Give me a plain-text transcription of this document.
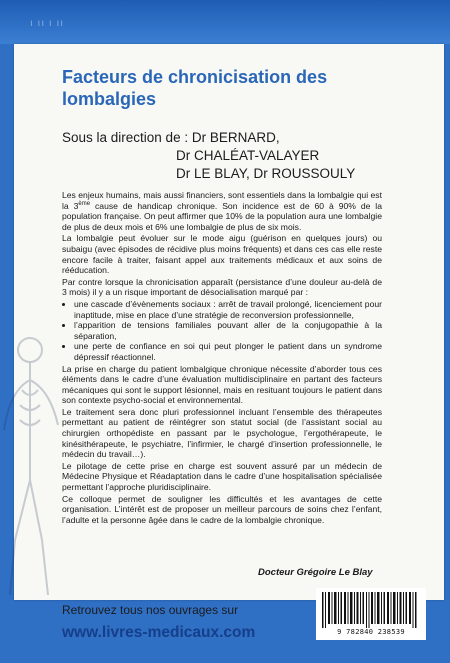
ı ıı ı ıı
Facteurs de chronicisation des lombalgies
Sous la direction de : Dr BERNARD,
Dr CHALÉAT-VALAYER
Dr LE BLAY, Dr ROUSSOULY

Les enjeux humains, mais aussi financiers, sont essentiels dans la lombalgie qui est la 3ème cause de handicap chronique. Son incidence est de 60 à 90% de la population française. On peut affirmer que 10% de la population aura une lombalgie de plus de deux mois et 6% une lombalgie de plus de six mois.

La lombalgie peut évoluer sur le mode aigu (guérison en quelques jours) ou subaigu (avec épisodes de récidive plus moins fréquents) et dans ces cas elle reste encore facile à traiter, faisant appel aux traitements médicaux et aux soins de rééducation.

Par contre lorsque la chronicisation apparaît (persistance d’une douleur au-delà de 3 mois) il y a un risque important de désocialisation marqué par :

• une cascade d’évènements sociaux : arrêt de travail prolongé, licenciement pour inaptitude, mise en place d’une stratégie de reconversion professionnelle,
• l’apparition de tensions familiales pouvant aller de la conjugopathie à la séparation,
• une perte de confiance en soi qui peut plonger le patient dans un syndrome dépressif réactionnel.

La prise en charge du patient lombalgique chronique nécessite d’aborder tous ces éléments dans le cadre d’une évaluation multidisciplinaire en partant des facteurs mécaniques qui sont le support lésionnel, mais en resituant toujours le patient dans son contexte psycho-social et environnemental.

Le traitement sera donc pluri professionnel incluant l’ensemble des thérapeutes permettant au patient de réintégrer son statut social (de l’assistant social au chirurgien orthopédiste en passant par le psychologue, l’ergothérapeute, le kinésithérapeute, le psychiatre, l’infirmier, le chargé d’insertion professionnelle, le médecin du travail…).

Le pilotage de cette prise en charge est souvent assuré par un médecin de Médecine Physique et Réadaptation dans le cadre d’une hospitalisation spécialisée permettant l’approche pluridisciplinaire.

Ce colloque permet de souligner les difficultés et les avantages de cette organisation. L’intérêt est de proposer un meilleur parcours de soins chez l’enfant, l’adulte et la personne âgée dans le cadre de la lombalgie chronique.

Docteur Grégoire Le Blay
Retrouvez tous nos ouvrages sur
www.livres-medicaux.com	9 782840 238539
